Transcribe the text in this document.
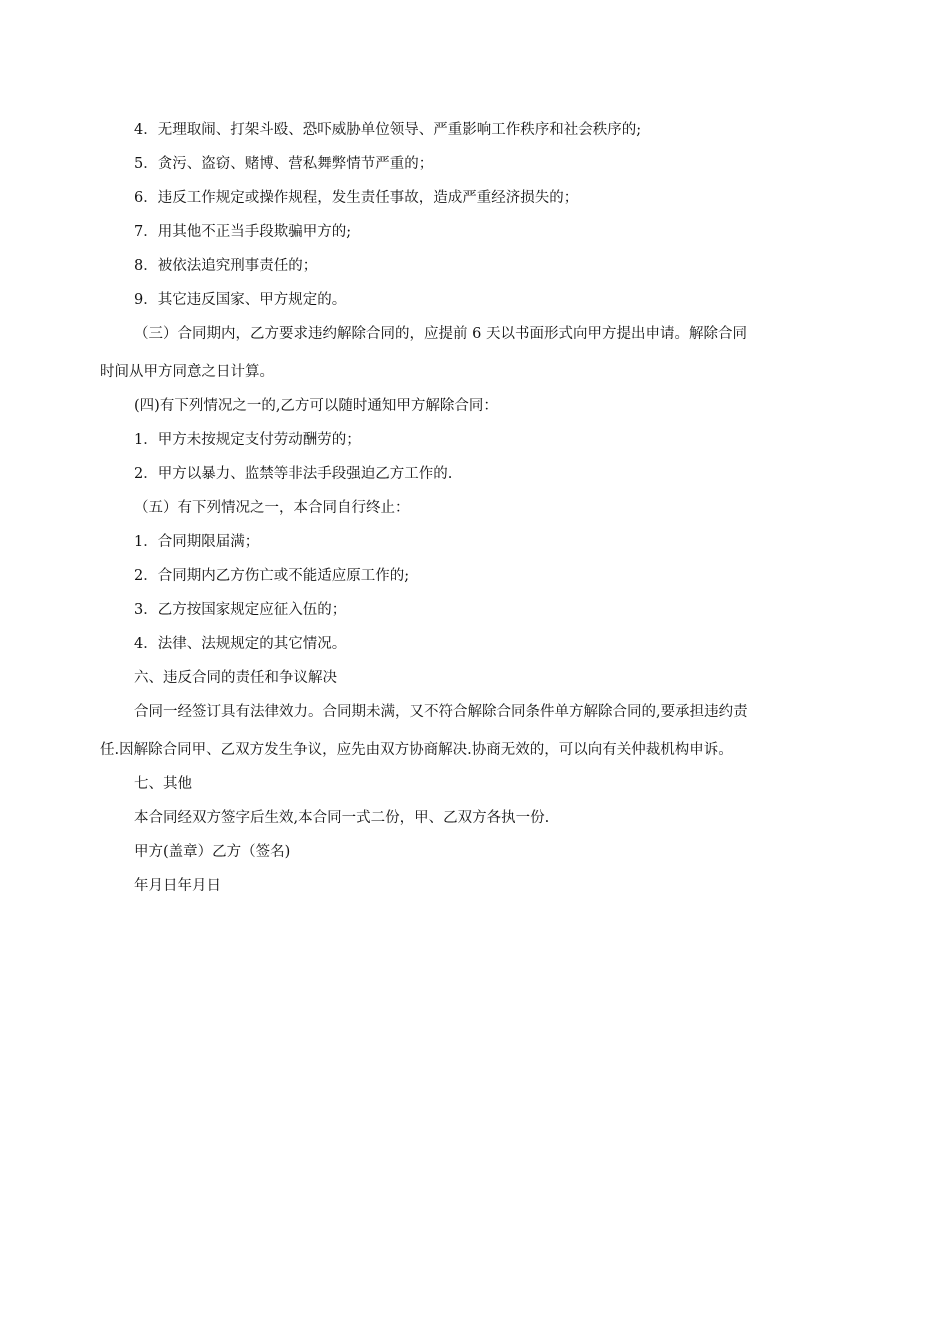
4．无理取闹、打架斗殴、恐吓威胁单位领导、严重影响工作秩序和社会秩序的;
5．贪污、盗窃、赌博、营私舞弊情节严重的；
6．违反工作规定或操作规程，发生责任事故，造成严重经济损失的；
7．用其他不正当手段欺骗甲方的;
8．被依法追究刑事责任的；
9．其它违反国家、甲方规定的。
（三）合同期内，乙方要求违约解除合同的，应提前 6 天以书面形式向甲方提出申请。解除合同
时间从甲方同意之日计算。
(四)有下列情况之一的,乙方可以随时通知甲方解除合同：
1．甲方未按规定支付劳动酬劳的；
2．甲方以暴力、监禁等非法手段强迫乙方工作的.
（五）有下列情况之一，本合同自行终止：
1．合同期限届满；
2．合同期内乙方伤亡或不能适应原工作的;
3．乙方按国家规定应征入伍的；
4．法律、法规规定的其它情况。
六、违反合同的责任和争议解决
合同一经签订具有法律效力。合同期未满，又不符合解除合同条件单方解除合同的,要承担违约责
任.因解除合同甲、乙双方发生争议，应先由双方协商解决.协商无效的，可以向有关仲裁机构申诉。
七、其他
本合同经双方签字后生效,本合同一式二份，甲、乙双方各执一份.
甲方(盖章）乙方（签名)
年月日年月日
